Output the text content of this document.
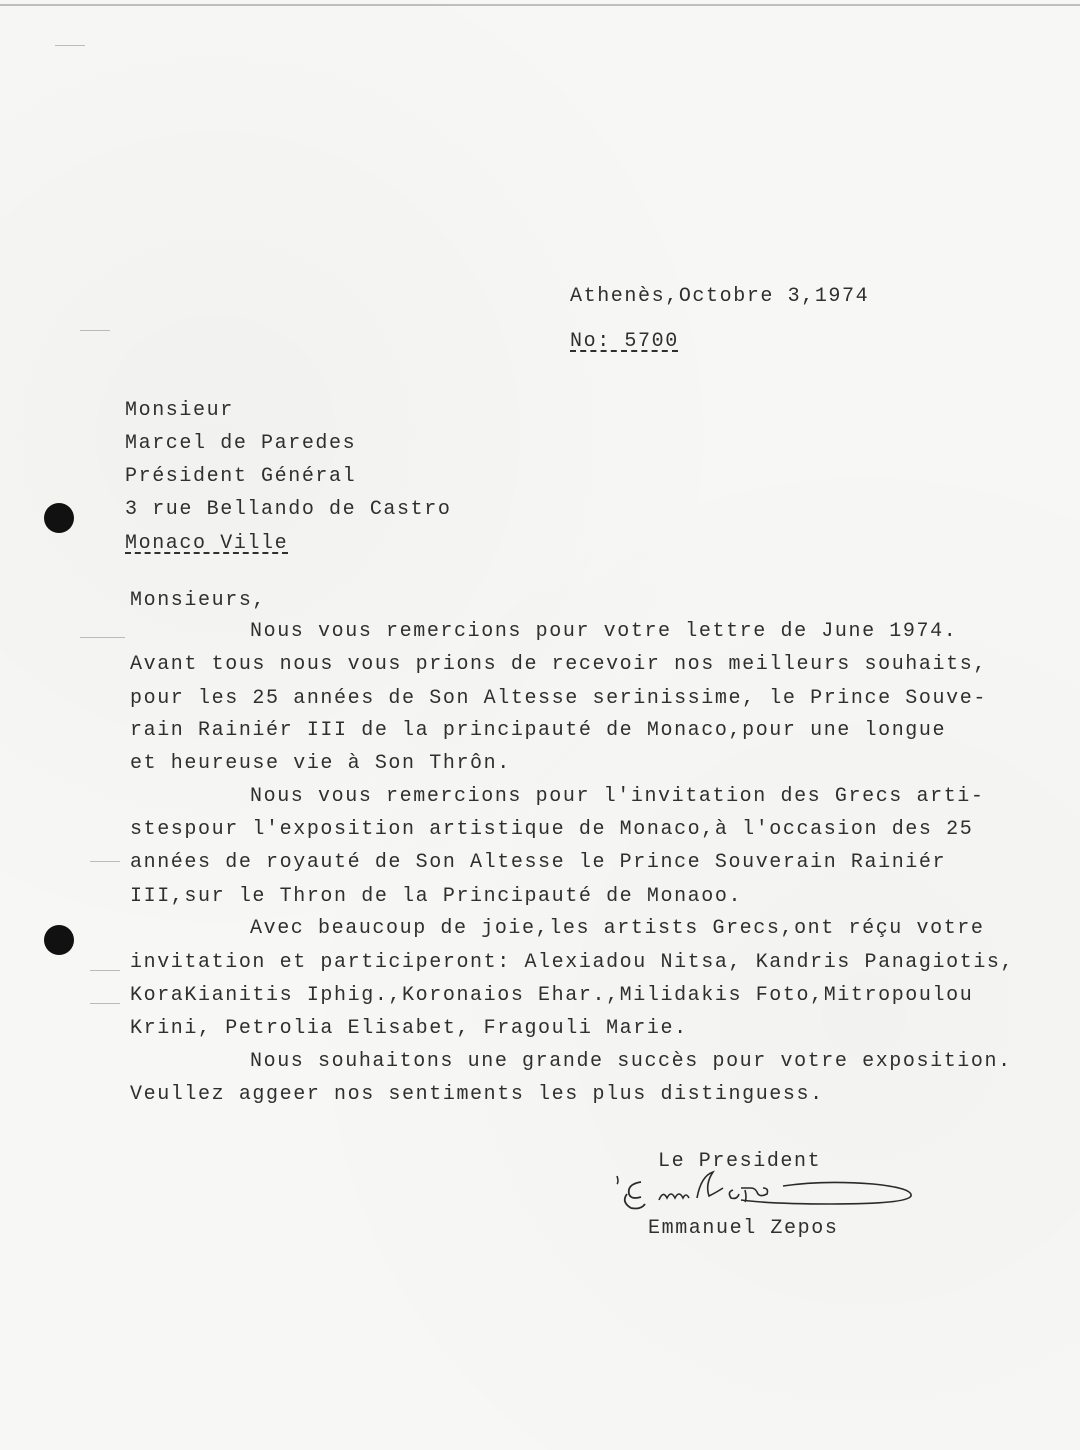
Athenès,Octobre 3,1974
No: 5700
Monsieur
Marcel de Paredes
Président Général
3 rue Bellando de Castro
Monaco Ville
Monsieurs,
Nous vous remercions pour votre lettre de June 1974.
Avant tous nous vous prions de recevoir nos meilleurs souhaits,
pour les 25 années de Son Altesse serinissime, le Prince Souve-
rain Rainiér III de la principauté de Monaco,pour une longue
et heureuse vie à Son Thrôn.
Nous vous remercions pour l'invitation des Grecs arti-
stespour l'exposition artistique de Monaco,à l'occasion des 25
années de royauté de Son Altesse le Prince Souverain Rainiér
III,sur le Thron de la Principauté de Monaoo.
Avec beaucoup de joie,les artists Grecs,ont réçu votre
invitation et participeront: Alexiadou Nitsa, Kandris Panagiotis,
KoraKianitis Iphig.,Koronaios Ehar.,Milidakis Foto,Mitropoulou
Krini, Petrolia Elisabet, Fragouli Marie.
Nous souhaitons une grande succès pour votre exposition.
Veullez aggeer nos sentiments les plus distinguess.
Le President
Emmanuel Zepos
